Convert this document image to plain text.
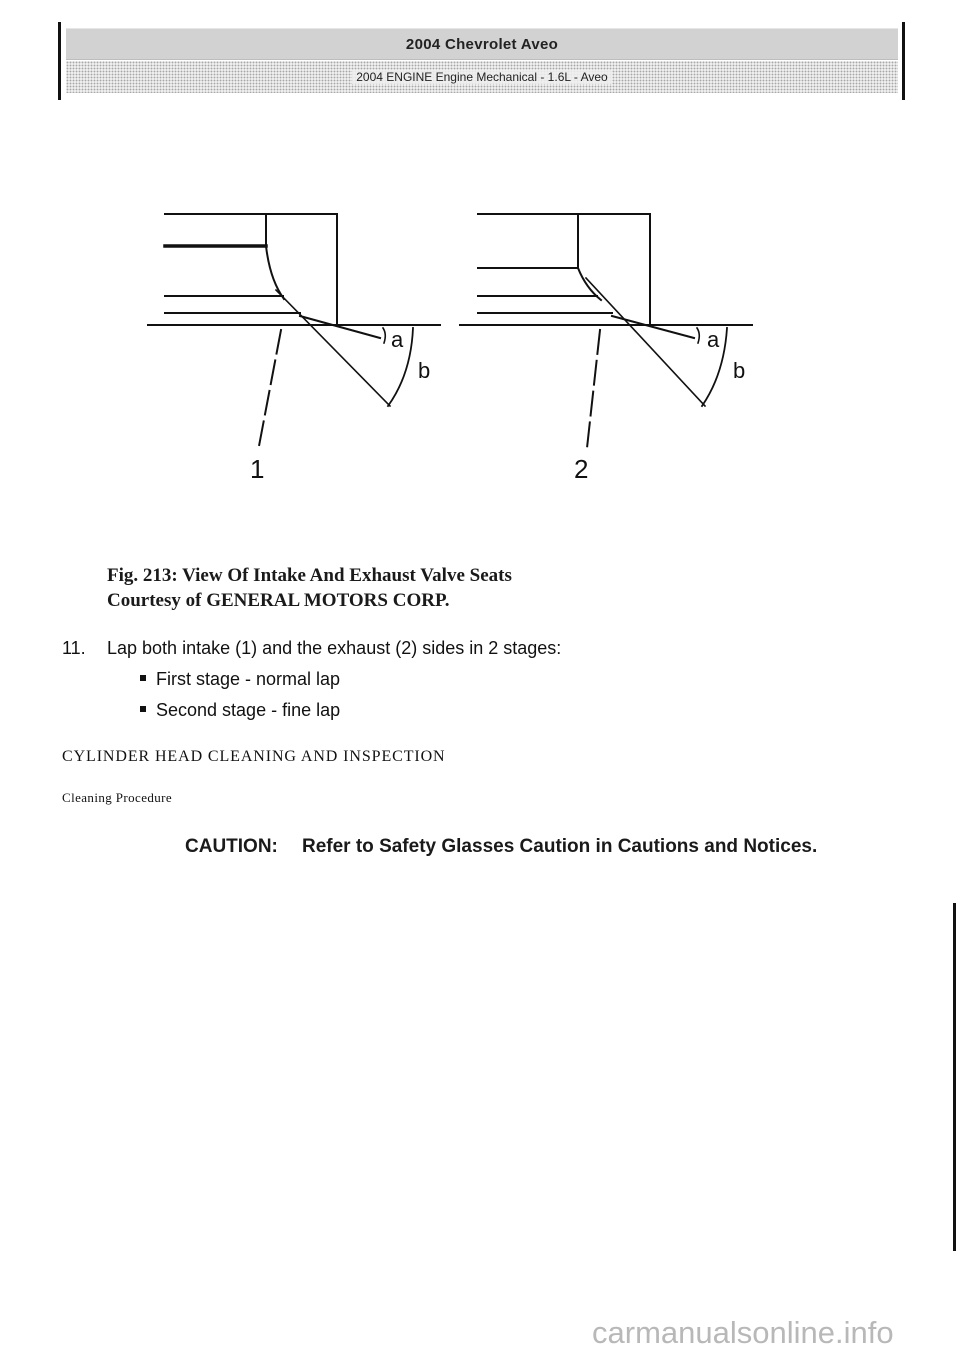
2004 Chevrolet Aveo
2004 ENGINE Engine Mechanical - 1.6L - Aveo
a
b
1
a
b
2
Fig. 213: View Of Intake And Exhaust Valve Seats
Courtesy of GENERAL MOTORS CORP.
11. Lap both intake (1) and the exhaust (2) sides in 2 stages:
First stage - normal lap
Second stage - fine lap
CYLINDER HEAD CLEANING AND INSPECTION
Cleaning Procedure
CAUTION:	Refer to Safety Glasses Caution in Cautions and Notices.
carmanualsonline.info
